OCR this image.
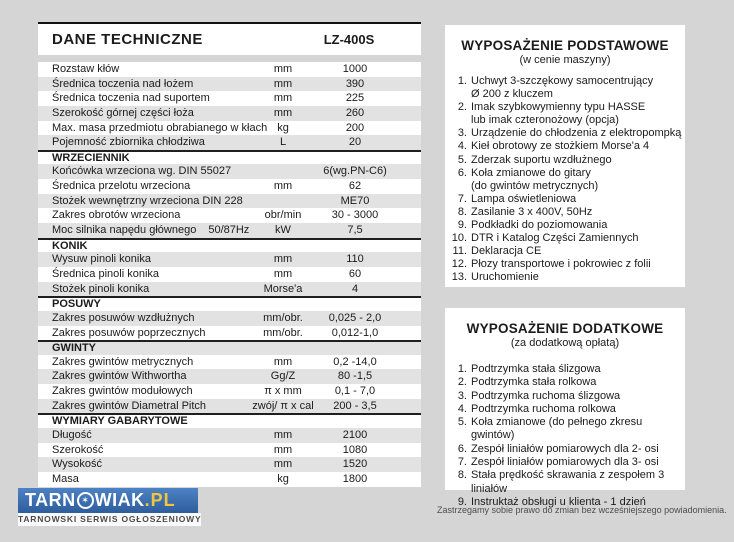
DANE TECHNICZNE	LZ-400S
Rozstaw kłów	mm	1000
Średnica toczenia nad łożem	mm	390
Średnica toczenia nad suportem	mm	225
Szerokość górnej części łoża	mm	260
Max. masa przedmiotu obrabianego w kłach kg	200
Pojemność zbiornika chłodziwa	L	20
WRZECIENNIK
Końcówka wrzeciona wg. DIN 55027	6(wg.PN-C6)
Średnica przelotu wrzeciona	mm	62
Stożek wewnętrzny wrzeciona DIN 228	ME70
Zakres obrotów wrzeciona	obr/min	30 - 3000
Moc silnika napędu głównego 50/87Hz	kW	7,5
KONIK
Wysuw pinoli konika	mm	110
Średnica pinoli konika	mm	60
Stożek pinoli konika	Morse'a	4
POSUWY
Zakres posuwów wzdłużnych	mm/obr.	0,025 - 2,0
Zakres posuwów poprzecznych	mm/obr.	0,012-1,0
GWINTY
Zakres gwintów metrycznych	mm	0,2 -14,0
Zakres gwintów Withwortha	Gg/Z	80 -1,5
Zakres gwintów modułowych	π x mm	0,1 - 7,0
Zakres gwintów Diametral Pitch	zwój/ π x cal	200 - 3,5
WYMIARY GABARYTOWE
Długość	mm	2100
Szerokość	mm	1080
Wysokość	mm	1520
Masa	kg	1800
WYPOSAŻENIE PODSTAWOWE
(w cenie maszyny)
1. Uchwyt 3-szczękowy samocentrujący
Ø 200 z kluczem
2. Imak szybkowymienny typu HASSE
lub imak czteronożowy (opcja)
3. Urządzenie do chłodzenia z elektropompką
4. Kieł obrotowy ze stożkiem Morse'a 4
5. Zderzak suportu wzdłużnego
6. Koła zmianowe do gitary
(do gwintów metrycznych)
7. Lampa oświetleniowa
8. Zasilanie 3 x 400V, 50Hz
9. Podkładki do poziomowania
10. DTR i Katalog Części Zamiennych
11. Deklaracja CE
12. Płozy transportowe i pokrowiec z folii
13. Uruchomienie
WYPOSAŻENIE DODATKOWE
(za dodatkową opłatą)
1. Podtrzymka stała ślizgowa
2. Podtrzymka stała rolkowa
3. Podtrzymka ruchoma ślizgowa
4. Podtrzymka ruchoma rolkowa
5. Koła zmianowe (do pełnego zkresu gwintów)
6. Zespół liniałów pomiarowych dla 2- osi
7. Zespół liniałów pomiarowych dla 3- osi
8. Stała prędkość skrawania z zespołem 3 liniałów
9. Instruktaż obsługi u klienta - 1 dzień
TARN ✶ WIAK .PL
TARNOWSKI SERWIS OGŁOSZENIOWY
Zastrzegamy sobie prawo do zmian bez wcześniejszego powiadomienia.
